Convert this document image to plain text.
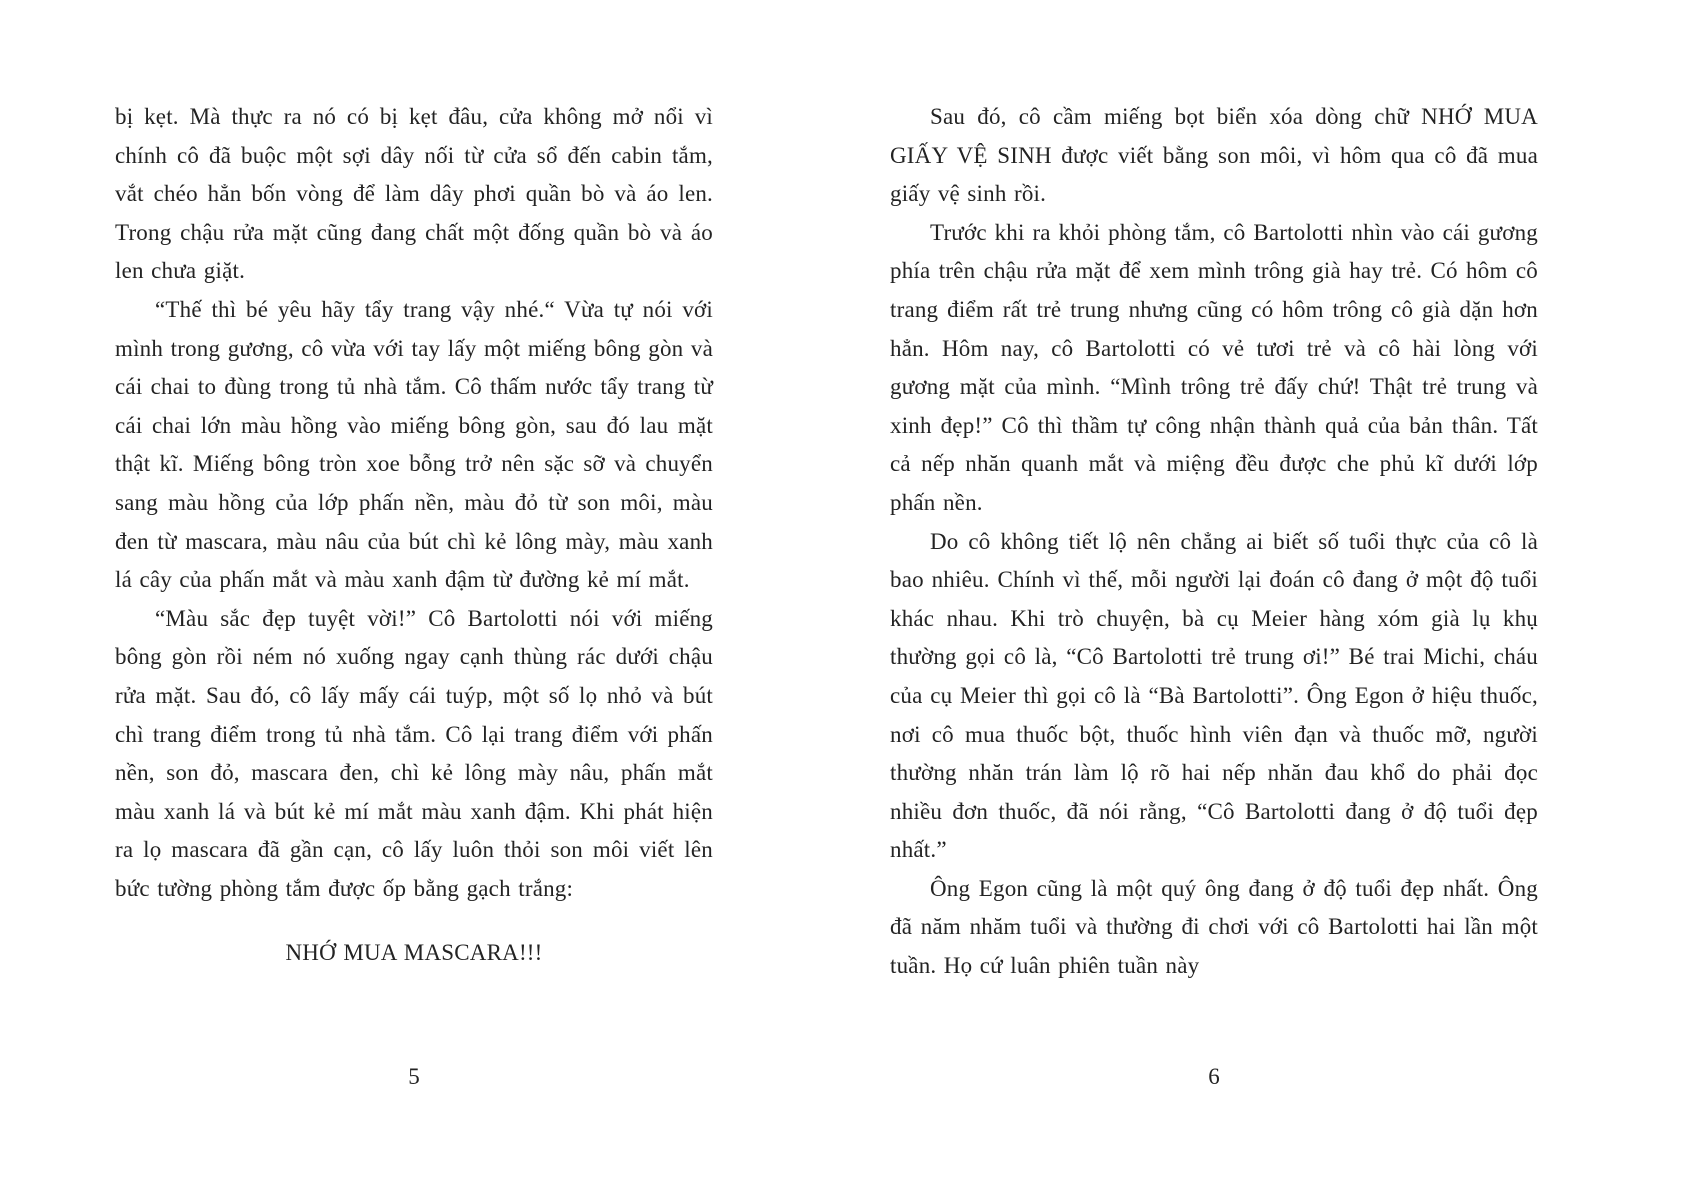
bị kẹt. Mà thực ra nó có bị kẹt đâu, cửa không mở nổi vì chính cô đã buộc một sợi dây nối từ cửa sổ đến cabin tắm, vắt chéo hẳn bốn vòng để làm dây phơi quần bò và áo len. Trong chậu rửa mặt cũng đang chất một đống quần bò và áo len chưa giặt.

“Thế thì bé yêu hãy tẩy trang vậy nhé.“ Vừa tự nói với mình trong gương, cô vừa với tay lấy một miếng bông gòn và cái chai to đùng trong tủ nhà tắm. Cô thấm nước tẩy trang từ cái chai lớn màu hồng vào miếng bông gòn, sau đó lau mặt thật kĩ. Miếng bông tròn xoe bỗng trở nên sặc sỡ và chuyển sang màu hồng của lớp phấn nền, màu đỏ từ son môi, màu đen từ mascara, màu nâu của bút chì kẻ lông mày, màu xanh lá cây của phấn mắt và màu xanh đậm từ đường kẻ mí mắt.

“Màu sắc đẹp tuyệt vời!” Cô Bartolotti nói với miếng bông gòn rồi ném nó xuống ngay cạnh thùng rác dưới chậu rửa mặt. Sau đó, cô lấy mấy cái tuýp, một số lọ nhỏ và bút chì trang điểm trong tủ nhà tắm. Cô lại trang điểm với phấn nền, son đỏ, mascara đen, chì kẻ lông mày nâu, phấn mắt màu xanh lá và bút kẻ mí mắt màu xanh đậm. Khi phát hiện ra lọ mascara đã gần cạn, cô lấy luôn thỏi son môi viết lên bức tường phòng tắm được ốp bằng gạch trắng:

NHỚ MUA MASCARA!!!

Sau đó, cô cầm miếng bọt biển xóa dòng chữ NHỚ MUA GIẤY VỆ SINH được viết bằng son môi, vì hôm qua cô đã mua giấy vệ sinh rồi.

Trước khi ra khỏi phòng tắm, cô Bartolotti nhìn vào cái gương phía trên chậu rửa mặt để xem mình trông già hay trẻ. Có hôm cô trang điểm rất trẻ trung nhưng cũng có hôm trông cô già dặn hơn hẳn. Hôm nay, cô Bartolotti có vẻ tươi trẻ và cô hài lòng với gương mặt của mình. “Mình trông trẻ đấy chứ! Thật trẻ trung và xinh đẹp!” Cô thì thầm tự công nhận thành quả của bản thân. Tất cả nếp nhăn quanh mắt và miệng đều được che phủ kĩ dưới lớp phấn nền.

Do cô không tiết lộ nên chẳng ai biết số tuổi thực của cô là bao nhiêu. Chính vì thế, mỗi người lại đoán cô đang ở một độ tuổi khác nhau. Khi trò chuyện, bà cụ Meier hàng xóm già lụ khụ thường gọi cô là, “Cô Bartolotti trẻ trung ơi!” Bé trai Michi, cháu của cụ Meier thì gọi cô là “Bà Bartolotti”. Ông Egon ở hiệu thuốc, nơi cô mua thuốc bột, thuốc hình viên đạn và thuốc mỡ, người thường nhăn trán làm lộ rõ hai nếp nhăn đau khổ do phải đọc nhiều đơn thuốc, đã nói rằng, “Cô Bartolotti đang ở độ tuổi đẹp nhất.”

Ông Egon cũng là một quý ông đang ở độ tuổi đẹp nhất. Ông đã năm nhăm tuổi và thường đi chơi với cô Bartolotti hai lần một tuần. Họ cứ luân phiên tuần này

5	6
